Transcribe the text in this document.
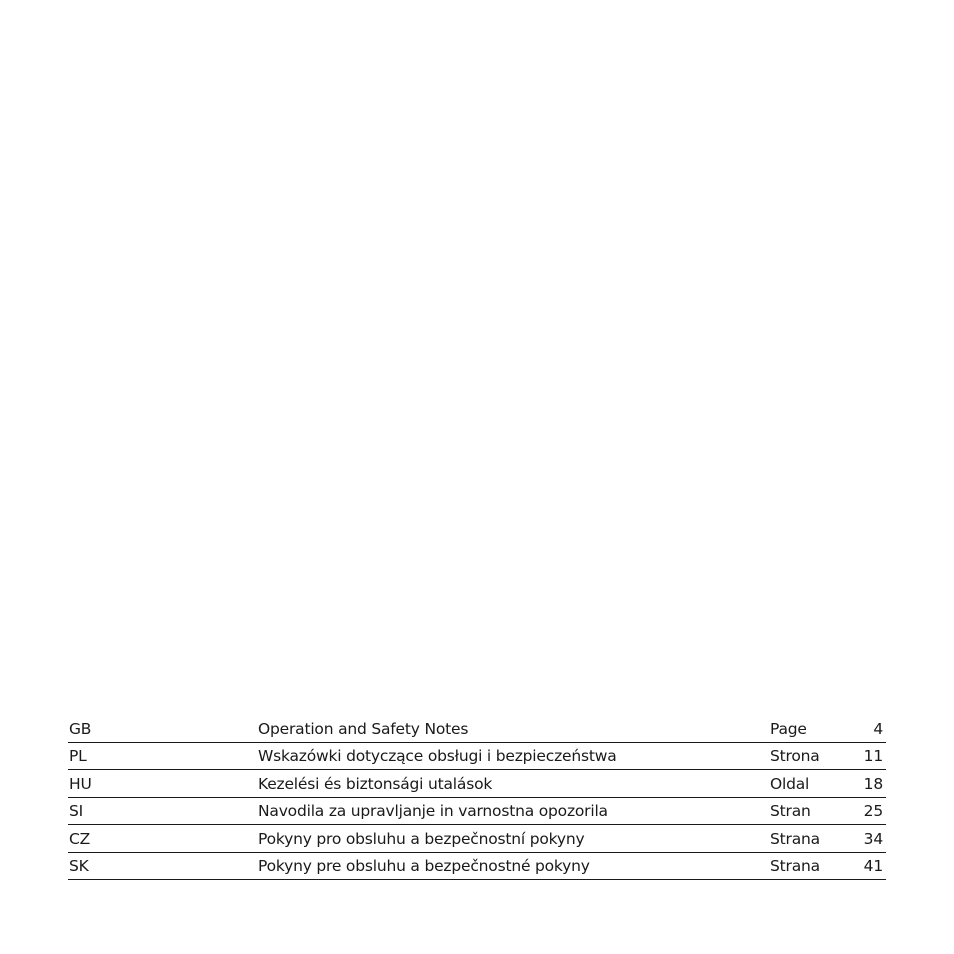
GB	Operation and Safety Notes	Page	4
PL	Wskazówki dotyczące obsługi i bezpieczeństwa	Strona	11
HU	Kezelési és biztonsági utalások	Oldal	18
SI	Navodila za upravljanje in varnostna opozorila	Stran	25
CZ	Pokyny pro obsluhu a bezpečnostní pokyny	Strana	34
SK	Pokyny pre obsluhu a bezpečnostné pokyny	Strana	41
